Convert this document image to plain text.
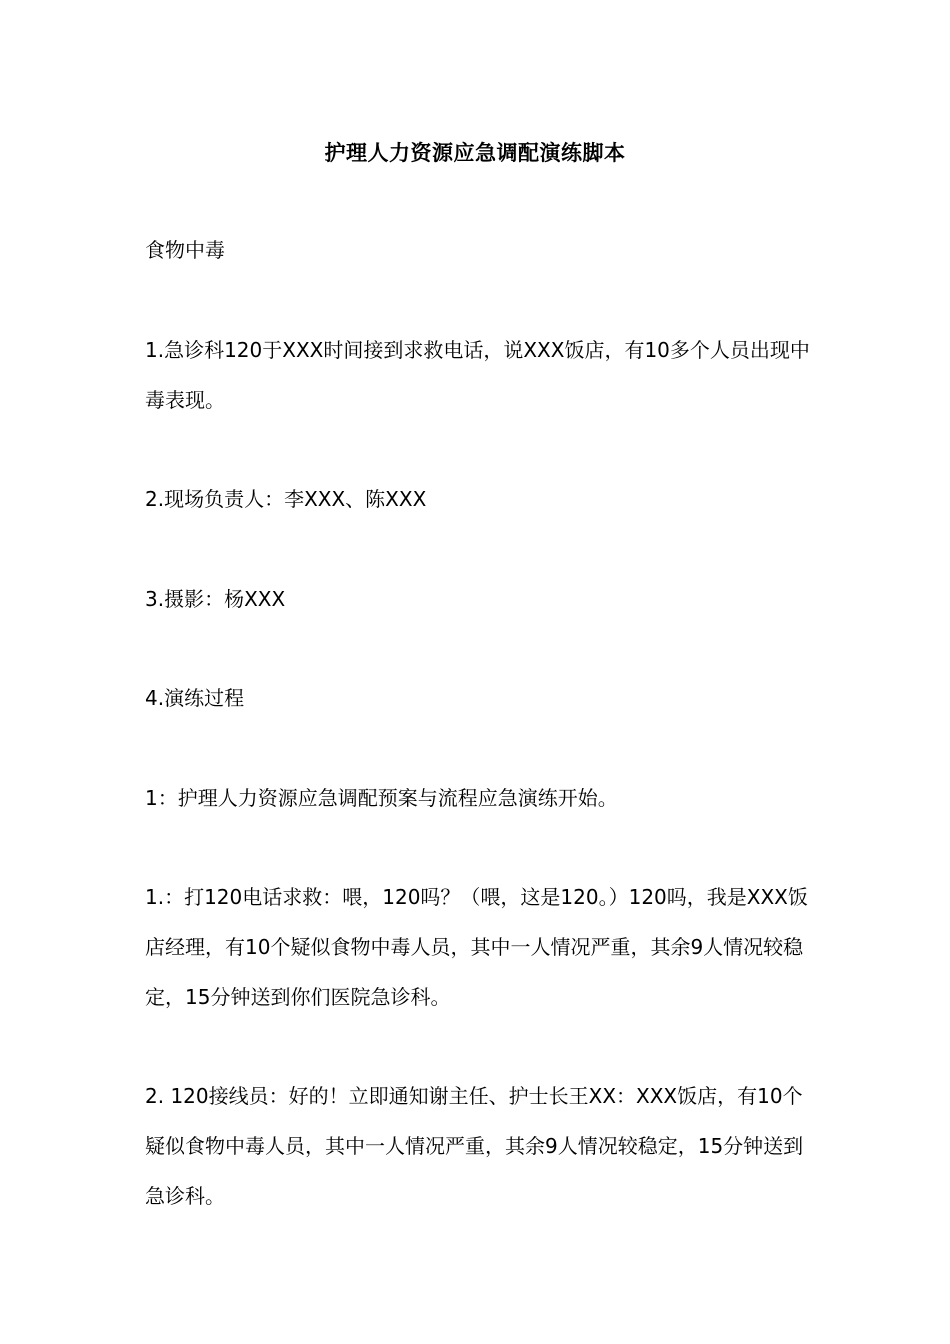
护理人力资源应急调配演练脚本
食物中毒
1.急诊科120于XXX时间接到求救电话，说XXX饭店，有10多个人员出现中毒表现。
2.现场负责人：李XXX、陈XXX
3.摄影：杨XXX
4.演练过程
1：护理人力资源应急调配预案与流程应急演练开始。
1.：打120电话求救：喂，120吗？（喂，这是120。）120吗，我是XXX饭店经理，有10个疑似食物中毒人员，其中一人情况严重，其余9人情况较稳定，15分钟送到你们医院急诊科。
2. 120接线员：好的！立即通知谢主任、护士长王XX：XXX饭店，有10个疑似食物中毒人员，其中一人情况严重，其余9人情况较稳定，15分钟送到急诊科。
